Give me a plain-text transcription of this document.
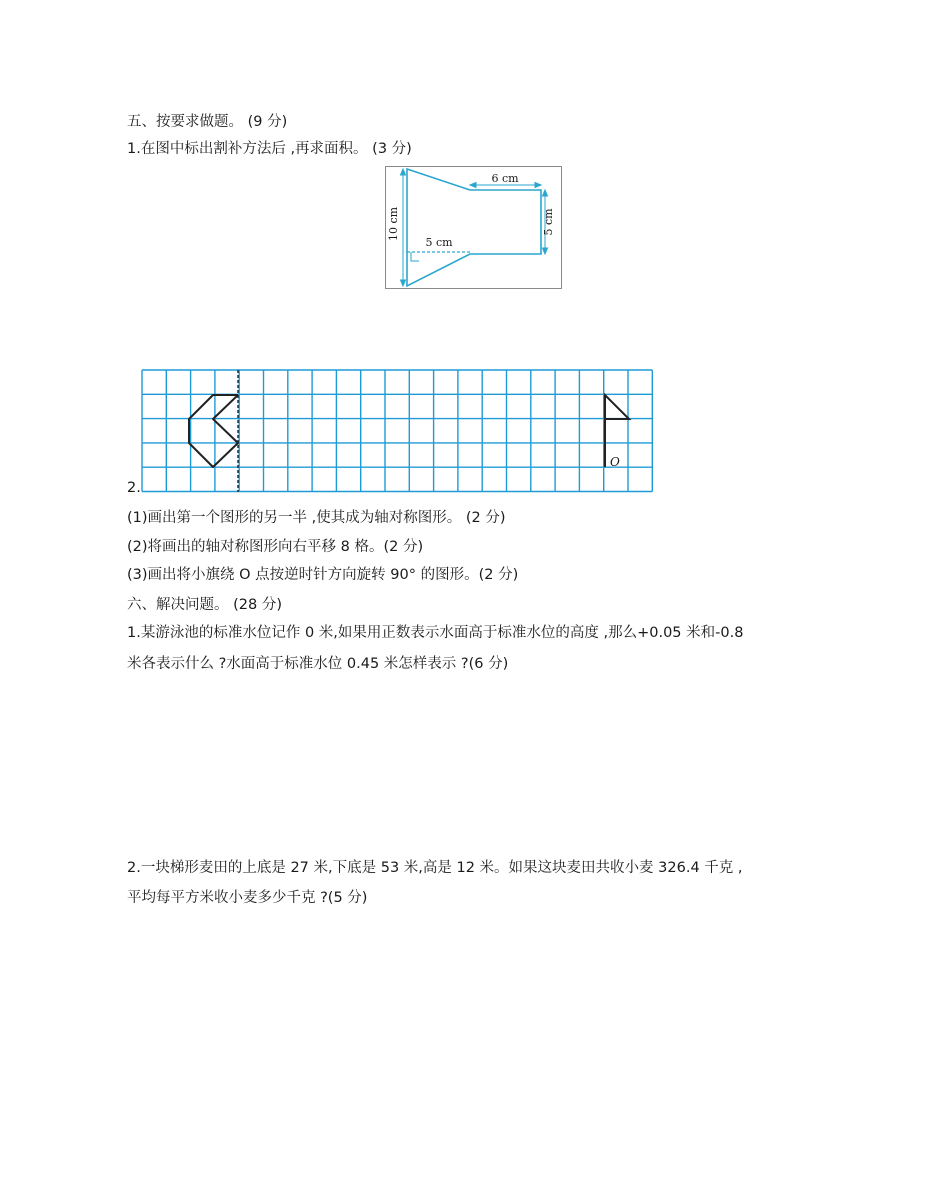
五、按要求做题。 (9 分)
1.在图中标出割补方法后 ,再求面积。 (3 分)
6 cm
5 cm
10 cm	5 cm
2.
O
(1)画出第一个图形的另一半 ,使其成为轴对称图形。 (2 分)
(2)将画出的轴对称图形向右平移 8 格。(2 分)
(3)画出将小旗绕 O 点按逆时针方向旋转 90° 的图形。(2 分)
六、解决问题。 (28 分)
1.某游泳池的标准水位记作 0 米,如果用正数表示水面高于标准水位的高度 ,那么+0.05 米和-0.8
米各表示什么 ?水面高于标准水位 0.45 米怎样表示 ?(6 分)
2.一块梯形麦田的上底是 27 米,下底是 53 米,高是 12 米。如果这块麦田共收小麦 326.4 千克 ,
平均每平方米收小麦多少千克 ?(5 分)
